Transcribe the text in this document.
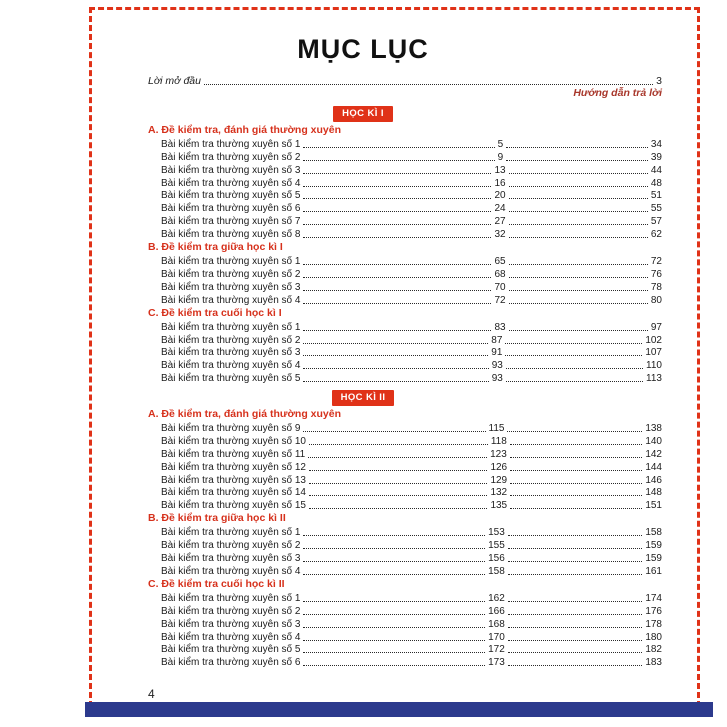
MỤC LỤC
Lời mở đầu	3
Hướng dẫn trả lời
HỌC KÌ I
A. Đề kiểm tra, đánh giá thường xuyên
Bài kiểm tra thường xuyên số 1	5	34
Bài kiểm tra thường xuyên số 2	9	39
Bài kiểm tra thường xuyên số 3	13	44
Bài kiểm tra thường xuyên số 4	16	48
Bài kiểm tra thường xuyên số 5	20	51
Bài kiểm tra thường xuyên số 6	24	55
Bài kiểm tra thường xuyên số 7	27	57
Bài kiểm tra thường xuyên số 8	32	62
B. Đề kiểm tra giữa học kì I
Bài kiểm tra thường xuyên số 1	65	72
Bài kiểm tra thường xuyên số 2	68	76
Bài kiểm tra thường xuyên số 3	70	78
Bài kiểm tra thường xuyên số 4	72	80
C. Đề kiểm tra cuối học kì I
Bài kiểm tra thường xuyên số 1	83	97
Bài kiểm tra thường xuyên số 2	87	102
Bài kiểm tra thường xuyên số 3	91	107
Bài kiểm tra thường xuyên số 4	93	110
Bài kiểm tra thường xuyên số 5	93	113
HỌC KÌ II
A. Đề kiểm tra, đánh giá thường xuyên
Bài kiểm tra thường xuyên số 9	115	138
Bài kiểm tra thường xuyên số 10	118	140
Bài kiểm tra thường xuyên số 11	123	142
Bài kiểm tra thường xuyên số 12	126	144
Bài kiểm tra thường xuyên số 13	129	146
Bài kiểm tra thường xuyên số 14	132	148
Bài kiểm tra thường xuyên số 15	135	151
B. Đề kiểm tra giữa học kì II
Bài kiểm tra thường xuyên số 1	153	158
Bài kiểm tra thường xuyên số 2	155	159
Bài kiểm tra thường xuyên số 3	156	159
Bài kiểm tra thường xuyên số 4	158	161
C. Đề kiểm tra cuối học kì II
Bài kiểm tra thường xuyên số 1	162	174
Bài kiểm tra thường xuyên số 2	166	176
Bài kiểm tra thường xuyên số 3	168	178
Bài kiểm tra thường xuyên số 4	170	180
Bài kiểm tra thường xuyên số 5	172	182
Bài kiểm tra thường xuyên số 6	173	183
4
